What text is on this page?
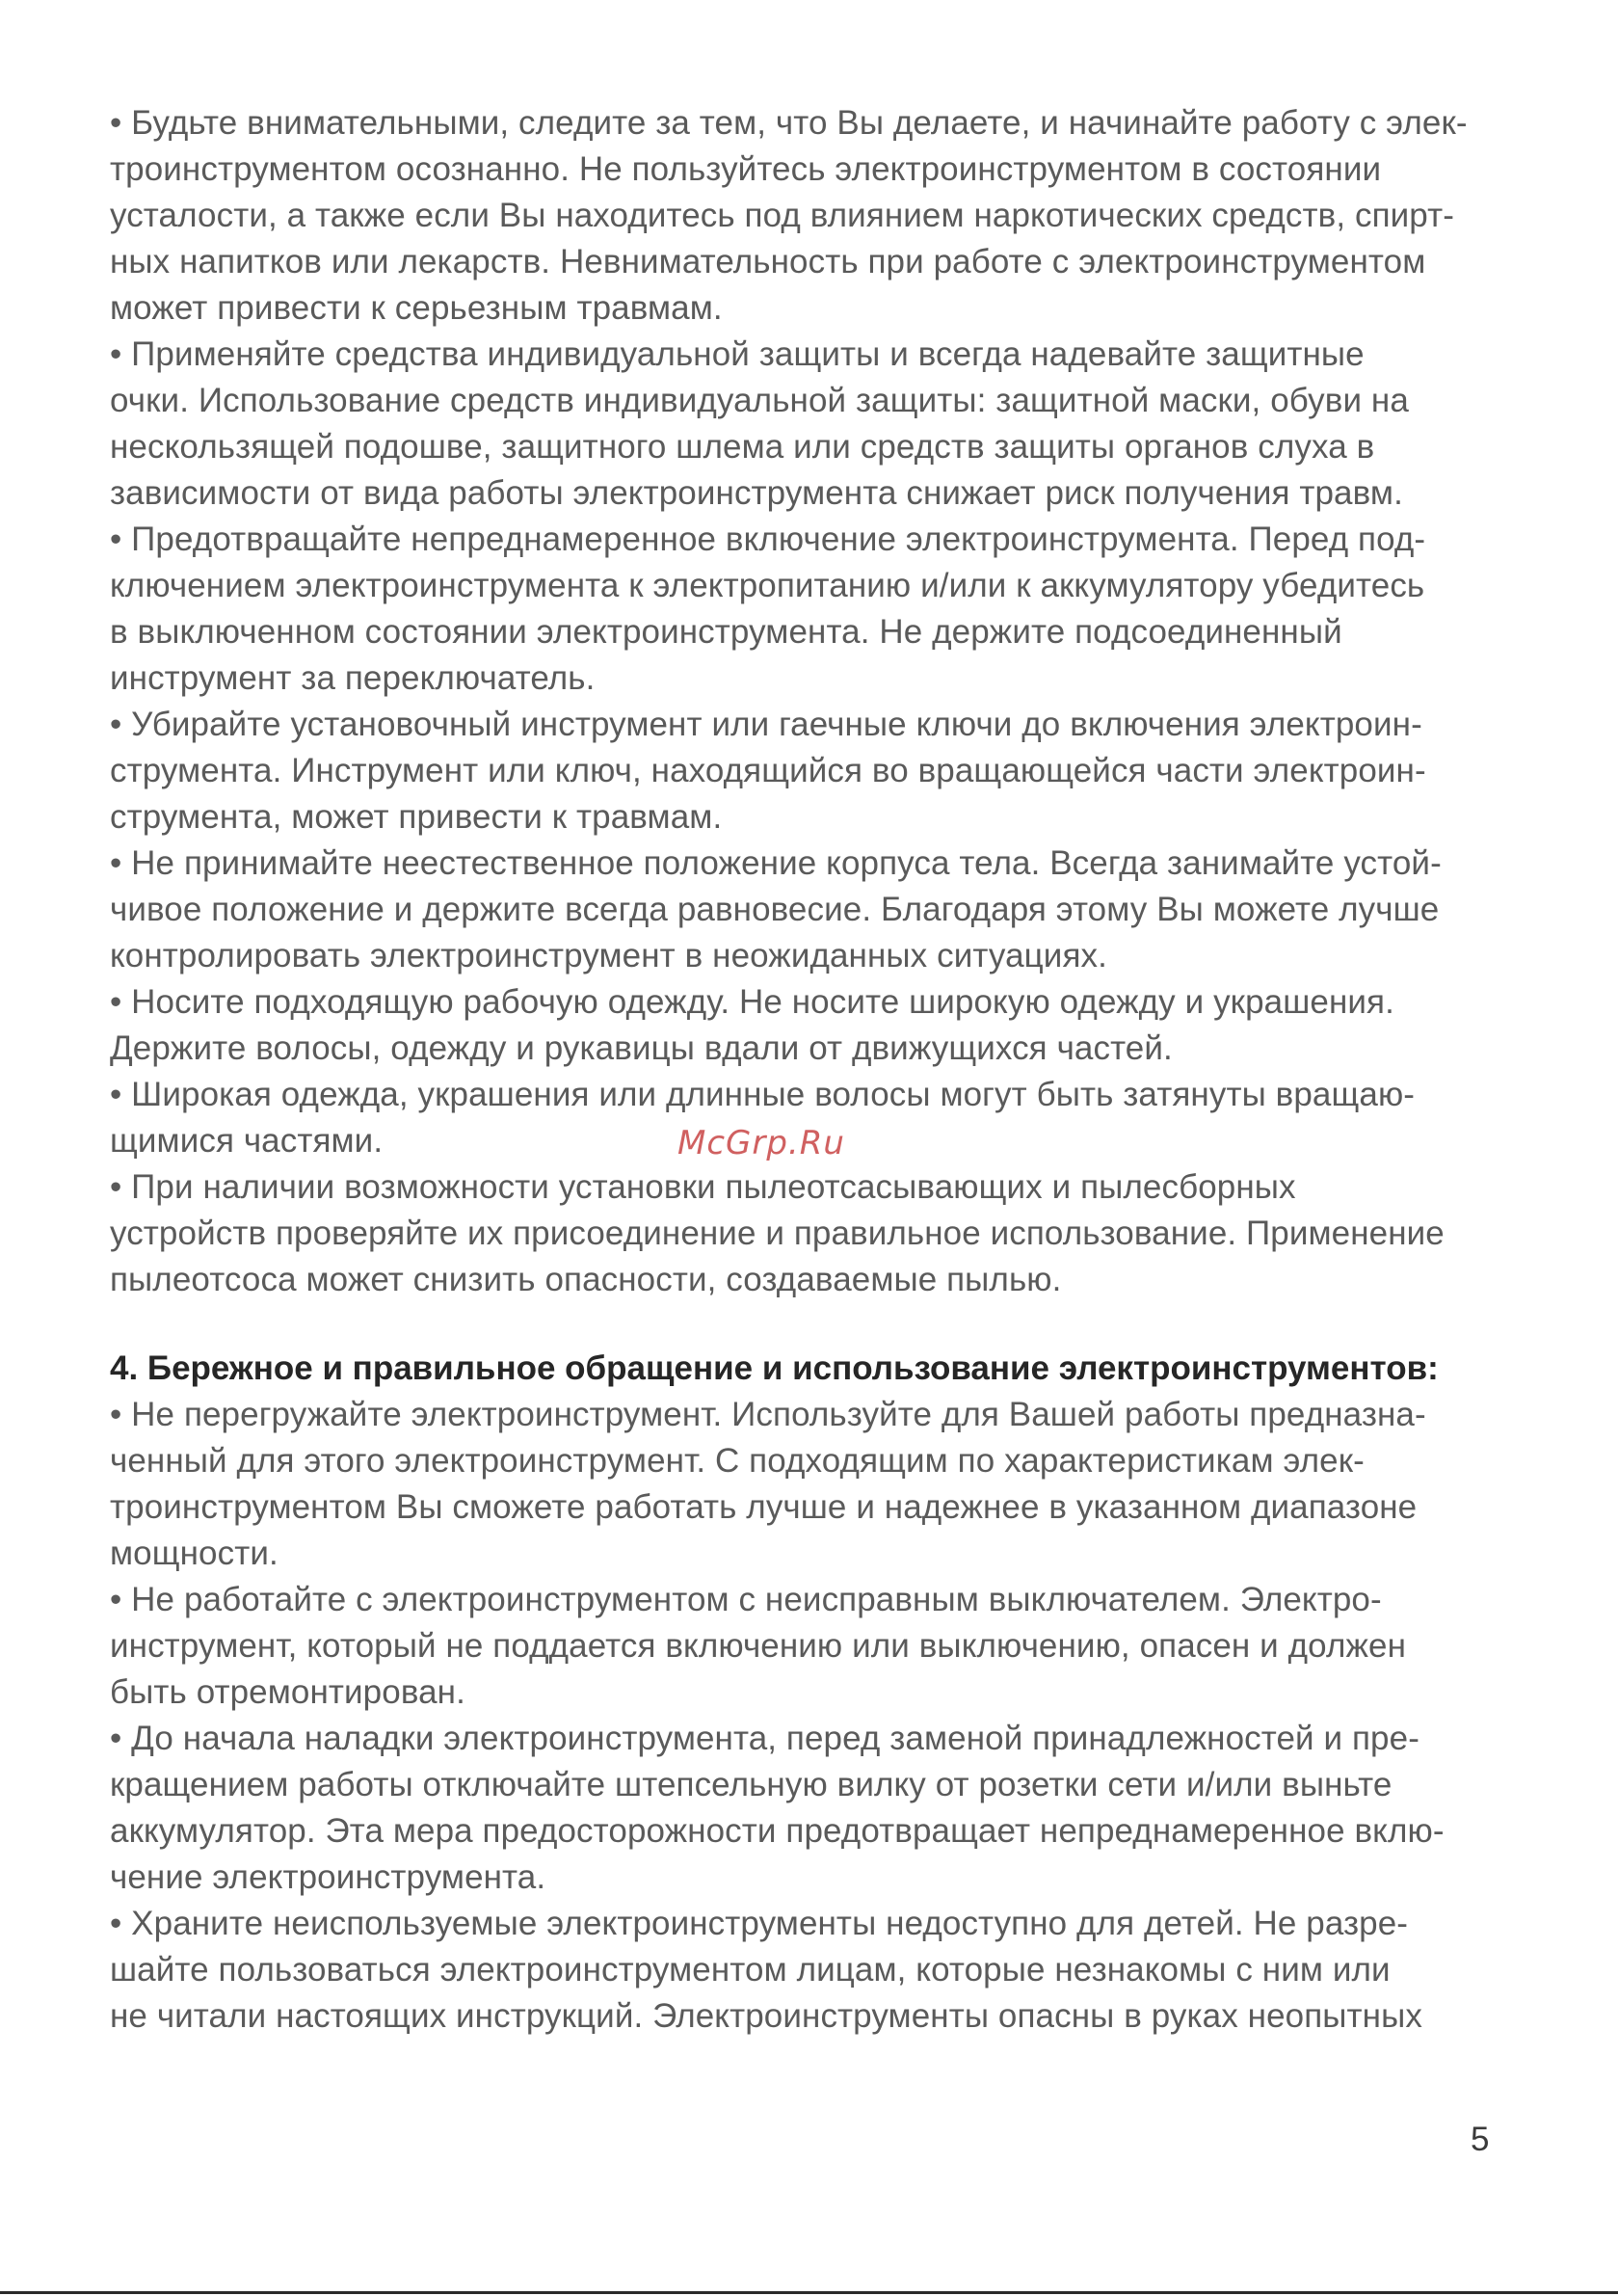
• Будьте внимательными, следите за тем, что Вы делаете, и начинайте работу с элек-
троинструментом осознанно. Не пользуйтесь электроинструментом в состоянии
усталости, а также если Вы находитесь под влиянием наркотических средств, спирт-
ных напитков или лекарств. Невнимательность при работе с электроинструментом
может привести к серьезным травмам.
• Применяйте средства индивидуальной защиты и всегда надевайте защитные
очки. Использование средств индивидуальной защиты: защитной маски, обуви на
нескользящей подошве, защитного шлема или средств защиты органов слуха в
зависимости от вида работы электроинструмента снижает риск получения травм.
• Предотвращайте непреднамеренное включение электроинструмента. Перед под-
ключением электроинструмента к электропитанию и/или к аккумулятору убедитесь
в выключенном состоянии электроинструмента. Не держите подсоединенный
инструмент за переключатель.
• Убирайте установочный инструмент или гаечные ключи до включения электроин-
струмента. Инструмент или ключ, находящийся во вращающейся части электроин-
струмента, может привести к травмам.
• Не принимайте неестественное положение корпуса тела. Всегда занимайте устой-
чивое положение и держите всегда равновесие. Благодаря этому Вы можете лучше
контролировать электроинструмент в неожиданных ситуациях.
• Носите подходящую рабочую одежду. Не носите широкую одежду и украшения.
Держите волосы, одежду и рукавицы вдали от движущихся частей.
• Широкая одежда, украшения или длинные волосы могут быть затянуты вращаю-
щимися частями.
• При наличии возможности установки пылеотсасывающих и пылесборных
устройств проверяйте их присоединение и правильное использование. Применение
пылеотсоса может снизить опасности, создаваемые пылью.
4. Бережное и правильное обращение и использование электроинструментов:
• Не перегружайте электроинструмент. Используйте для Вашей работы предназна-
ченный для этого электроинструмент. С подходящим по характеристикам элек-
троинструментом Вы сможете работать лучше и надежнее в указанном диапазоне
мощности.
• Не работайте с электроинструментом с неисправным выключателем. Электро-
инструмент, который не поддается включению или выключению, опасен и должен
быть отремонтирован.
• До начала наладки электроинструмента, перед заменой принадлежностей и пре-
кращением работы отключайте штепсельную вилку от розетки сети и/или выньте
аккумулятор. Эта мера предосторожности предотвращает непреднамеренное вклю-
чение электроинструмента.
• Храните неиспользуемые электроинструменты недоступно для детей. Не разре-
шайте пользоваться электроинструментом лицам, которые незнакомы с ним или
не читали настоящих инструкций. Электроинструменты опасны в руках неопытных
McGrp.Ru
5
